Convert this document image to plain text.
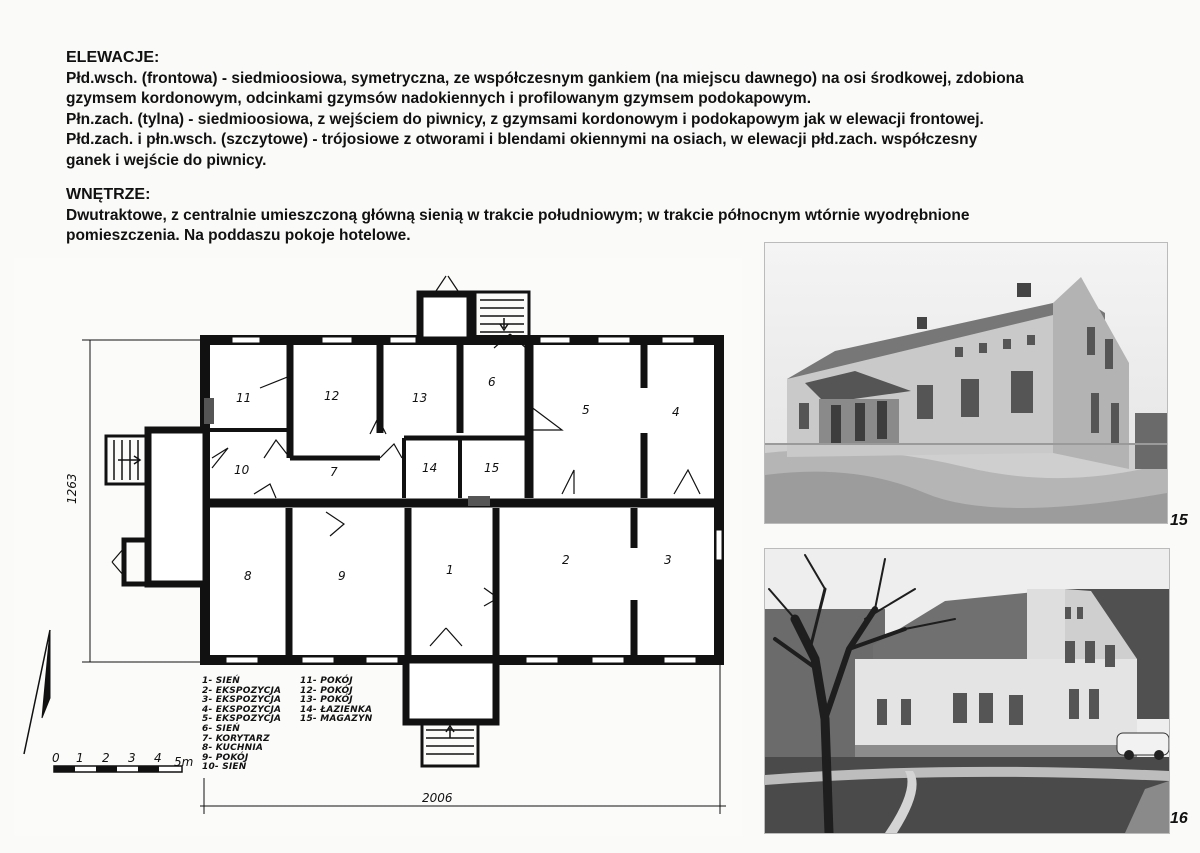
ELEWACJE:
Płd.wsch. (frontowa) - siedmioosiowa, symetryczna, ze współczesnym gankiem (na miejscu dawnego) na osi środkowej, zdobiona
gzymsem kordonowym, odcinkami gzymsów nadokiennych i profilowanym gzymsem podokapowym.
Płn.zach. (tylna) - siedmioosiowa, z wejściem do piwnicy, z gzymsami kordonowym i podokapowym jak w elewacji frontowej.
Płd.zach. i płn.wsch. (szczytowe) - trójosiowe z otworami i blendami okiennymi na osiach, w elewacji płd.zach. współczesny
ganek i wejście do piwnicy.
WNĘTRZE:
Dwutraktowe, z centralnie umieszczoną główną sienią w trakcie południowym; w trakcie północnym wtórnie wyodrębnione
pomieszczenia. Na poddaszu pokoje hotelowe.
0 1 2 3 4 5m
1263
2006
1
2	3
4
5
6
7
8	9
10
11	12	13
14	15
1- SIEŃ
2- EKSPOZYCJA
3- EKSPOZYCJA
4- EKSPOZYCJA
5- EKSPOZYCJA
6- SIEŃ
7- KORYTARZ
8- KUCHNIA
9- POKÓJ
10- SIEŃ
11- POKÓJ
12- POKÓJ
13- POKÓJ
14- ŁAZIENKA
15- MAGAZYN
15
16
